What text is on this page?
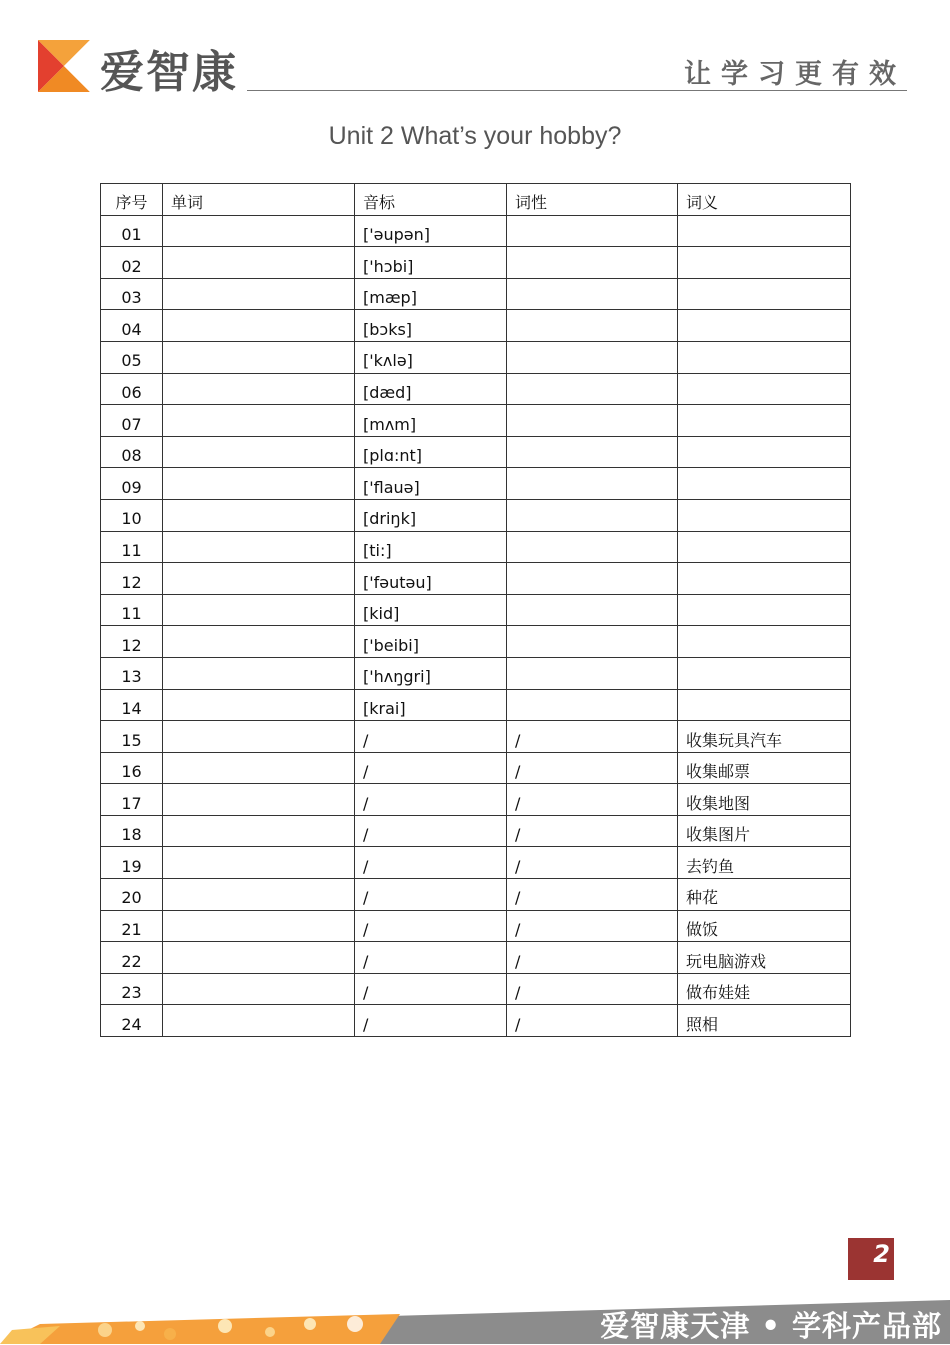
爱智康	让学习更有效
Unit 2 What’s your hobby?
序号	单词	音标	词性	词义
01		['əupən]		
02		['hɔbi]		
03		[mæp]		
04		[bɔks]		
05		['kʌlə]		
06		[dæd]		
07		[mʌm]		
08		[plɑ:nt]		
09		['flauə]		
10		[driŋk]		
11		[ti:]		
12		['fəutəu]		
11		[kid]		
12		['beibi]		
13		['hʌŋgri]		
14		[krai]		
15		/	/	收集玩具汽车
16		/	/	收集邮票
17		/	/	收集地图
18		/	/	收集图片
19		/	/	去钓鱼
20		/	/	种花
21		/	/	做饭
22		/	/	玩电脑游戏
23		/	/	做布娃娃
24		/	/	照相
2
爱智康天津 • 学科产品部
